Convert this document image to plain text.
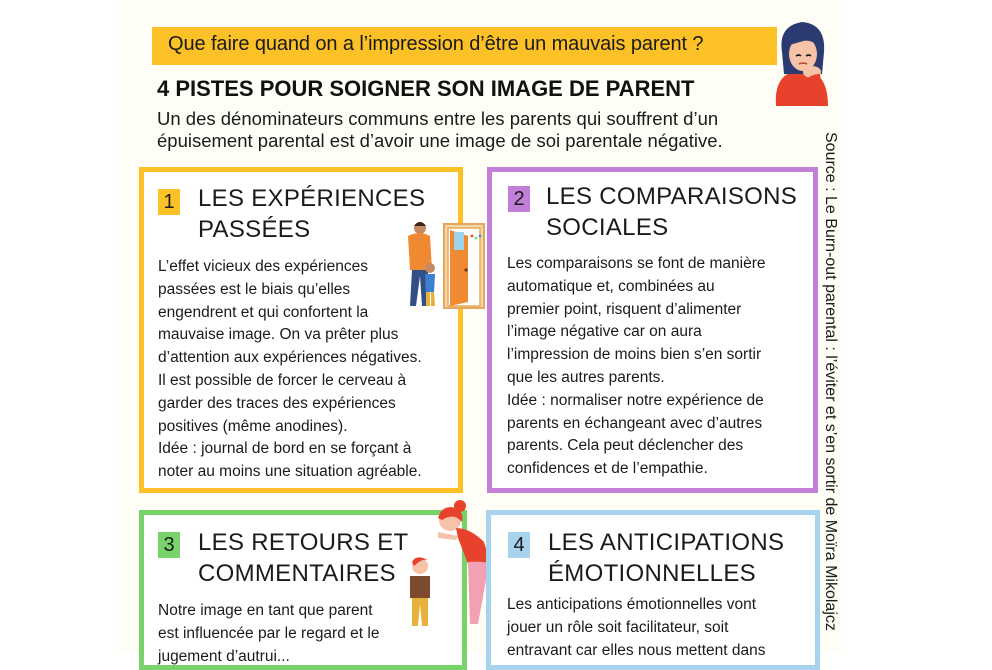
Que faire quand on a l’impression d’être un mauvais parent ?
4 PISTES POUR SOIGNER SON IMAGE DE PARENT
Un des dénominateurs communs entre les parents qui souffrent d’un épuisement parental est d’avoir une image de soi parentale négative.	Source : Le Burn-out parental : l’éviter et s’en sortir de Moïra Mikolajcz
1 LES EXPÉRIENCES
PASSÉES
L’effet vicieux des expériences
passées est le biais qu’elles
engendrent et qui confortent la
mauvaise image. On va prêter plus
d’attention aux expériences négatives.
Il est possible de forcer le cerveau à
garder des traces des expériences
positives (même anodines).
Idée : journal de bord en se forçant à
noter au moins une situation agréable.
2 LES COMPARAISONS
SOCIALES
Les comparaisons se font de manière
automatique et, combinées au
premier point, risquent d’alimenter
l’image négative car on aura
l’impression de moins bien s’en sortir
que les autres parents.
Idée : normaliser notre expérience de
parents en échangeant avec d’autres
parents. Cela peut déclencher des
confidences et de l’empathie.
3 LES RETOURS ET
COMMENTAIRES
Notre image en tant que parent
est influencée par le regard et le
jugement d’autrui...
4 LES ANTICIPATIONS
ÉMOTIONNELLES
Les anticipations émotionnelles vont
jouer un rôle soit facilitateur, soit
entravant car elles nous mettent dans
